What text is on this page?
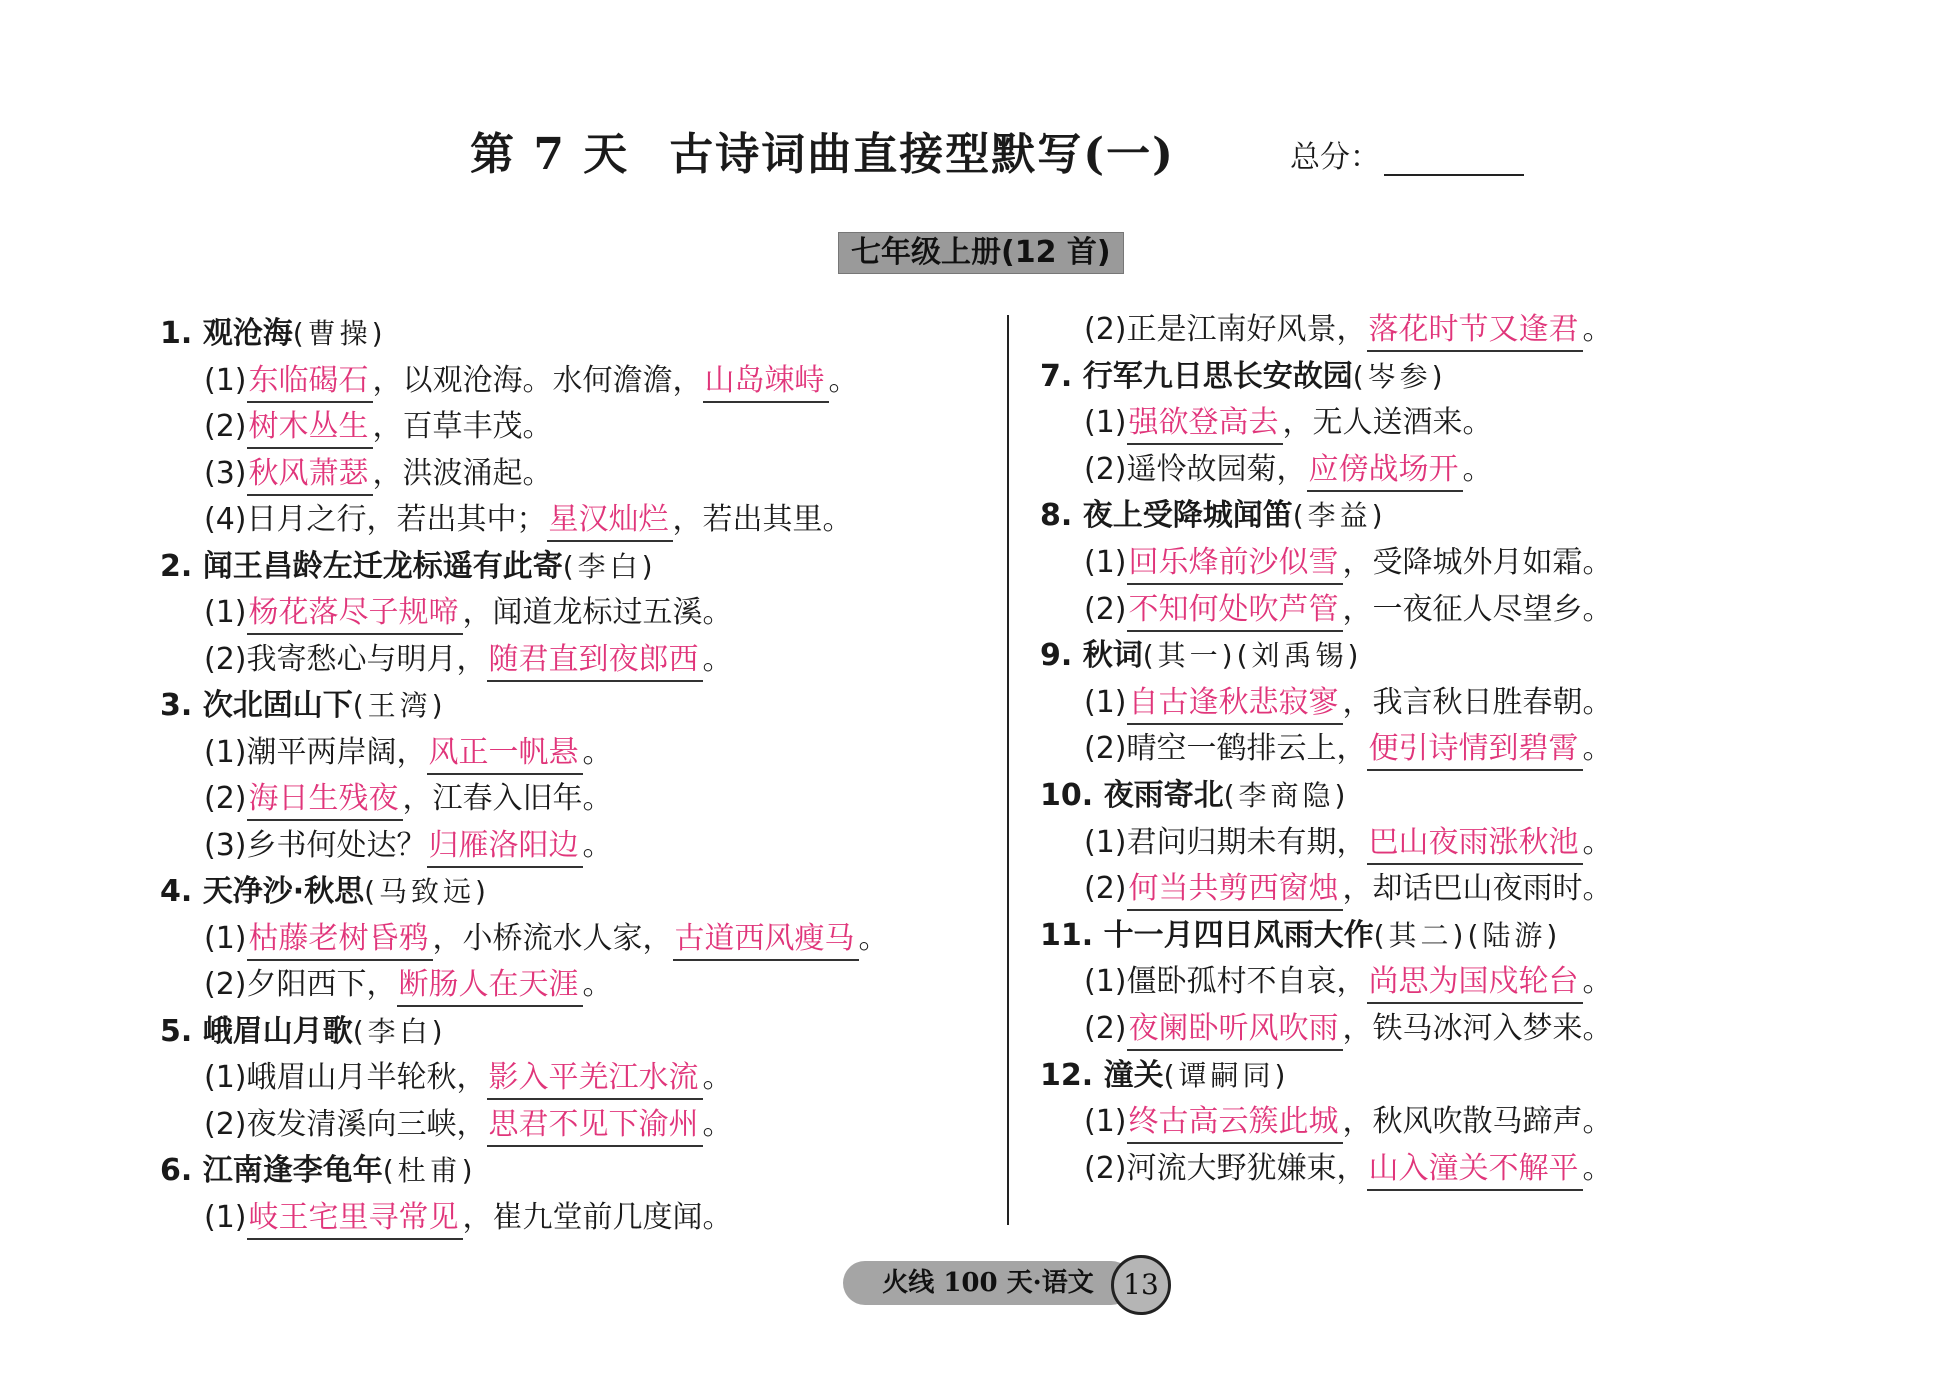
第 7 天 古诗词曲直接型默写(一)	总分：
七年级上册(12 首)
1. 观沧海(曹操)
(1)东临碣石 ，以观沧海。水何澹澹，山岛竦峙 。
(2)树木丛生 ，百草丰茂。
(3)秋风萧瑟 ，洪波涌起。
(4)日月之行，若出其中；星汉灿烂 ，若出其里。
2. 闻王昌龄左迁龙标遥有此寄(李白)
(1)杨花落尽子规啼 ，闻道龙标过五溪。
(2)我寄愁心与明月，随君直到夜郎西 。
3. 次北固山下(王湾)
(1)潮平两岸阔，风正一帆悬 。
(2)海日生残夜 ，江春入旧年。
(3)乡书何处达？归雁洛阳边 。
4. 天净沙·秋思(马致远)
(1)枯藤老树昏鸦 ，小桥流水人家，古道西风瘦马 。
(2)夕阳西下，断肠人在天涯 。
5. 峨眉山月歌(李白)
(1)峨眉山月半轮秋，影入平羌江水流 。
(2)夜发清溪向三峡，思君不见下渝州 。
6. 江南逢李龟年(杜甫)
(1)岐王宅里寻常见 ，崔九堂前几度闻。
(2)正是江南好风景，落花时节又逢君 。
7. 行军九日思长安故园(岑参)
(1)强欲登高去 ，无人送酒来。
(2)遥怜故园菊，应傍战场开 。
8. 夜上受降城闻笛(李益)
(1)回乐烽前沙似雪 ，受降城外月如霜。
(2)不知何处吹芦管 ，一夜征人尽望乡。
9. 秋词(其一)(刘禹锡)
(1)自古逢秋悲寂寥 ，我言秋日胜春朝。
(2)晴空一鹤排云上，便引诗情到碧霄 。
10. 夜雨寄北(李商隐)
(1)君问归期未有期，巴山夜雨涨秋池 。
(2)何当共剪西窗烛 ，却话巴山夜雨时。
11. 十一月四日风雨大作(其二)(陆游)
(1)僵卧孤村不自哀，尚思为国戍轮台 。
(2)夜阑卧听风吹雨 ，铁马冰河入梦来。
12. 潼关(谭嗣同)
(1)终古高云簇此城 ，秋风吹散马蹄声。
(2)河流大野犹嫌束，山入潼关不解平 。
火线 100 天·语文	13
